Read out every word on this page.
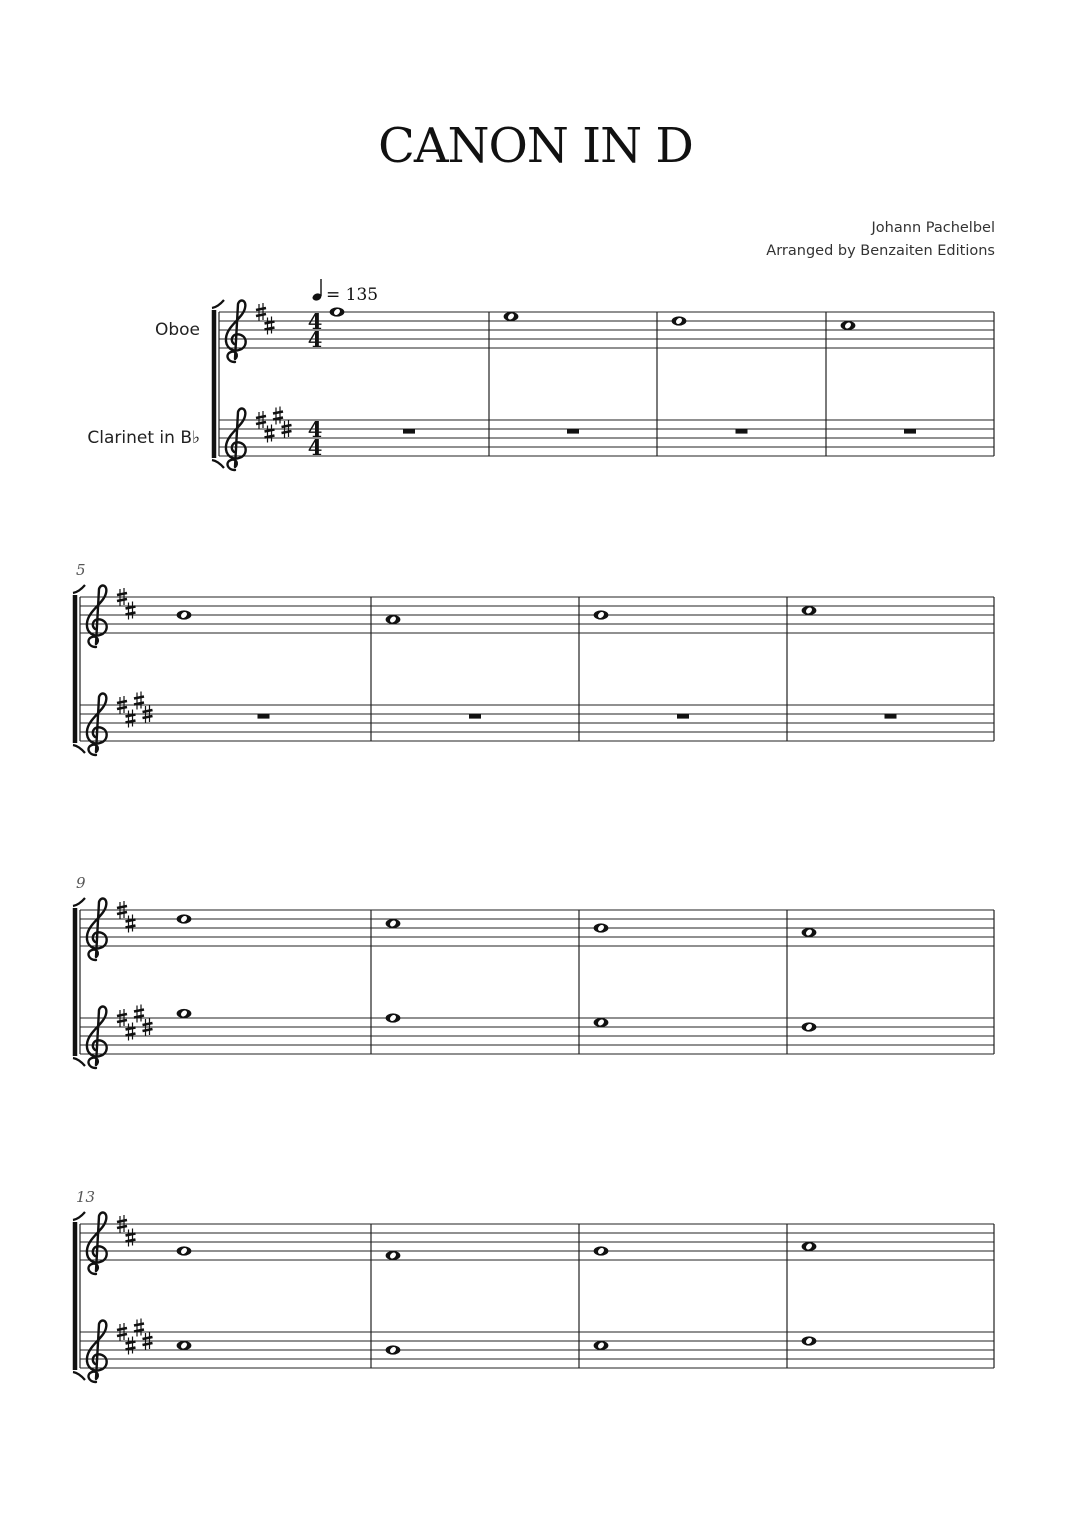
CANON IN D
Johann Pachelbel
Arranged by Benzaiten Editions
Oboe
Clarinet in B♭
4
4
4
4
= 135
5
9
13
